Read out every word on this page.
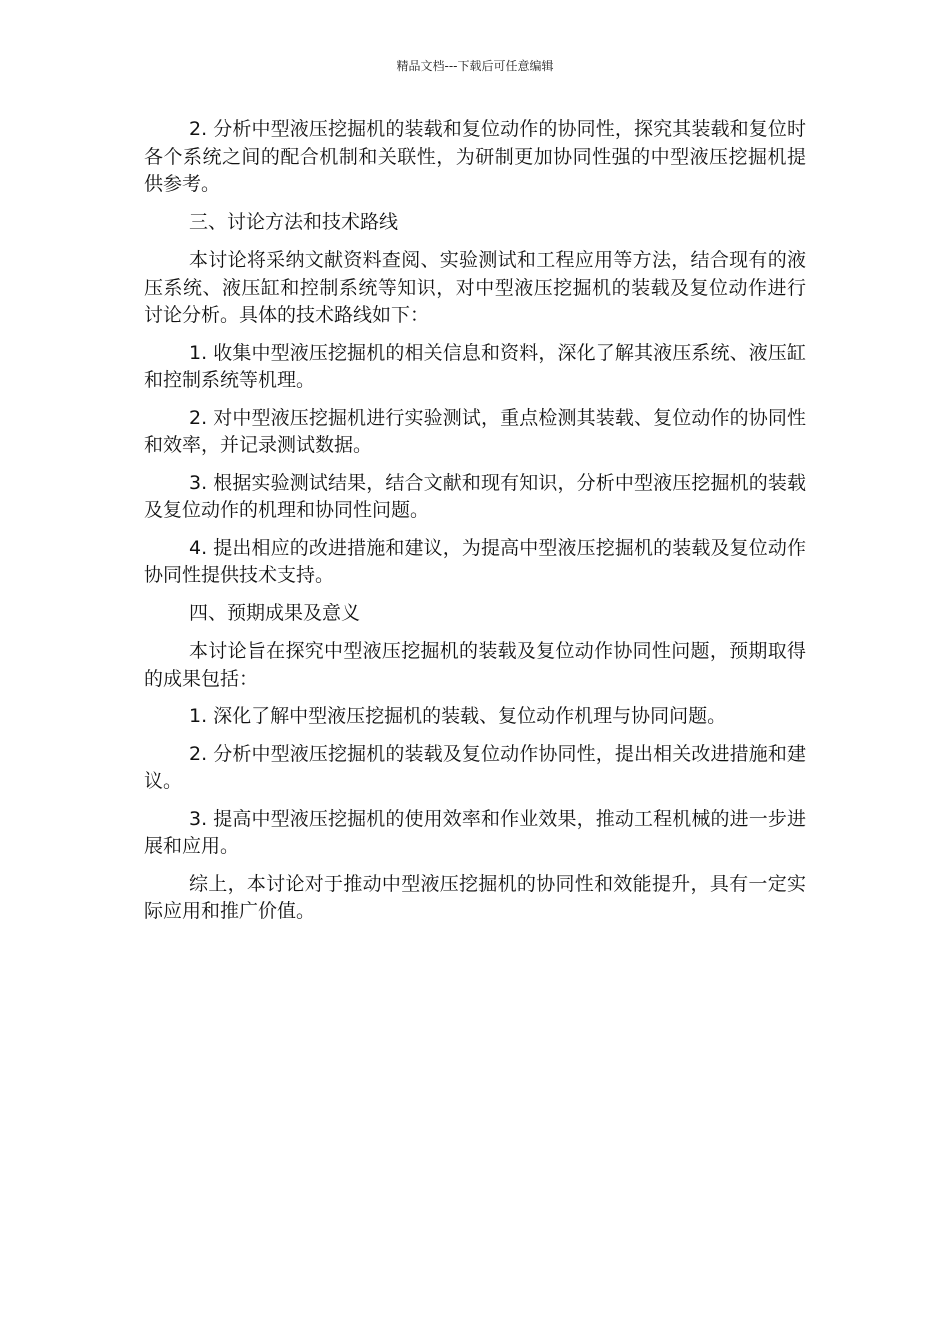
精品文档---下载后可任意编辑

2. 分析中型液压挖掘机的装载和复位动作的协同性，探究其装载和复位时各个系统之间的配合机制和关联性，为研制更加协同性强的中型液压挖掘机提供参考。

三、讨论方法和技术路线

本讨论将采纳文献资料查阅、实验测试和工程应用等方法，结合现有的液压系统、液压缸和控制系统等知识，对中型液压挖掘机的装载及复位动作进行讨论分析。具体的技术路线如下：

1. 收集中型液压挖掘机的相关信息和资料，深化了解其液压系统、液压缸和控制系统等机理。

2. 对中型液压挖掘机进行实验测试，重点检测其装载、复位动作的协同性和效率，并记录测试数据。

3. 根据实验测试结果，结合文献和现有知识，分析中型液压挖掘机的装载及复位动作的机理和协同性问题。

4. 提出相应的改进措施和建议，为提高中型液压挖掘机的装载及复位动作协同性提供技术支持。

四、预期成果及意义

本讨论旨在探究中型液压挖掘机的装载及复位动作协同性问题，预期取得的成果包括：

1. 深化了解中型液压挖掘机的装载、复位动作机理与协同问题。

2. 分析中型液压挖掘机的装载及复位动作协同性，提出相关改进措施和建议。

3. 提高中型液压挖掘机的使用效率和作业效果，推动工程机械的进一步进展和应用。

综上，本讨论对于推动中型液压挖掘机的协同性和效能提升，具有一定实际应用和推广价值。
